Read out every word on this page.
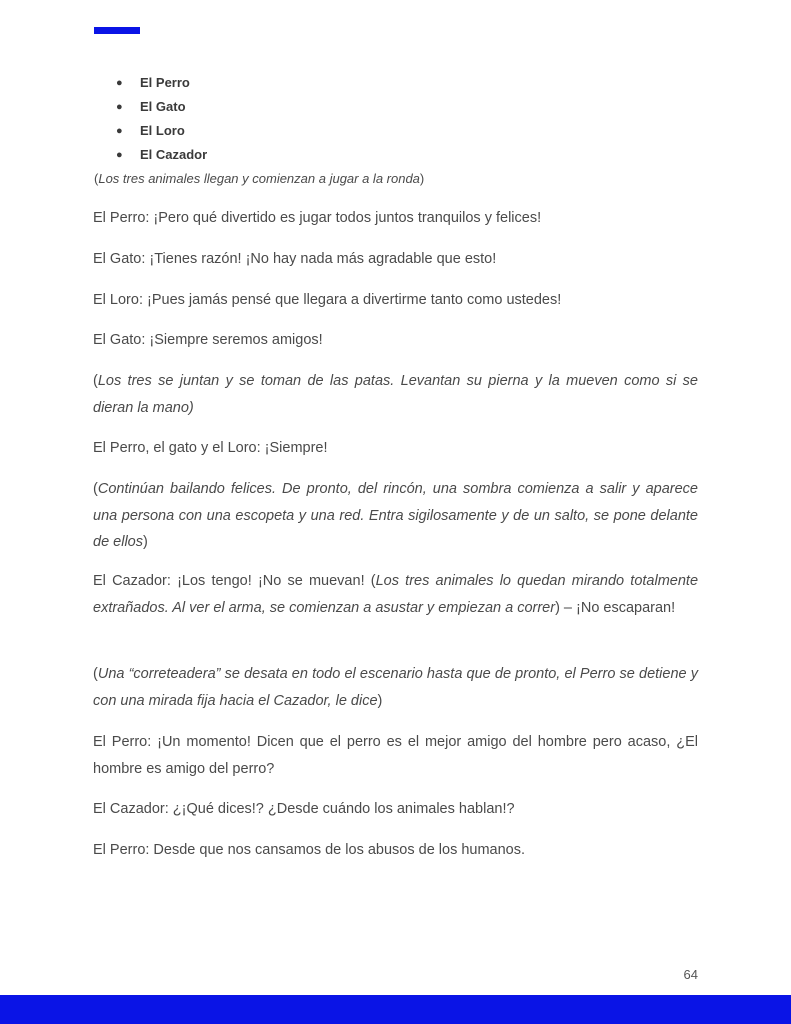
● El Perro
● El Gato
● El Loro
● El Cazador
(Los tres animales llegan y comienzan a jugar a la ronda)
El Perro: ¡Pero qué divertido es jugar todos juntos tranquilos y felices!
El Gato: ¡Tienes razón! ¡No hay nada más agradable que esto!
El Loro: ¡Pues jamás pensé que llegara a divertirme tanto como ustedes!
El Gato: ¡Siempre seremos amigos!
(Los tres se juntan y se toman de las patas. Levantan su pierna y la mueven como si se dieran la mano)
El Perro, el gato y el Loro: ¡Siempre!
(Continúan bailando felices. De pronto, del rincón, una sombra comienza a salir y aparece una persona con una escopeta y una red. Entra sigilosamente y de un salto, se pone delante de ellos)
El Cazador: ¡Los tengo! ¡No se muevan! (Los tres animales lo quedan mirando totalmente extrañados. Al ver el arma, se comienzan a asustar y empiezan a correr) – ¡No escaparan!
(Una “correteadera” se desata en todo el escenario hasta que de pronto, el Perro se detiene y con una mirada fija hacia el Cazador, le dice)
El Perro: ¡Un momento! Dicen que el perro es el mejor amigo del hombre pero acaso, ¿El hombre es amigo del perro?
El Cazador: ¿¡Qué dices!? ¿Desde cuándo los animales hablan!?
El Perro: Desde que nos cansamos de los abusos de los humanos.
64
